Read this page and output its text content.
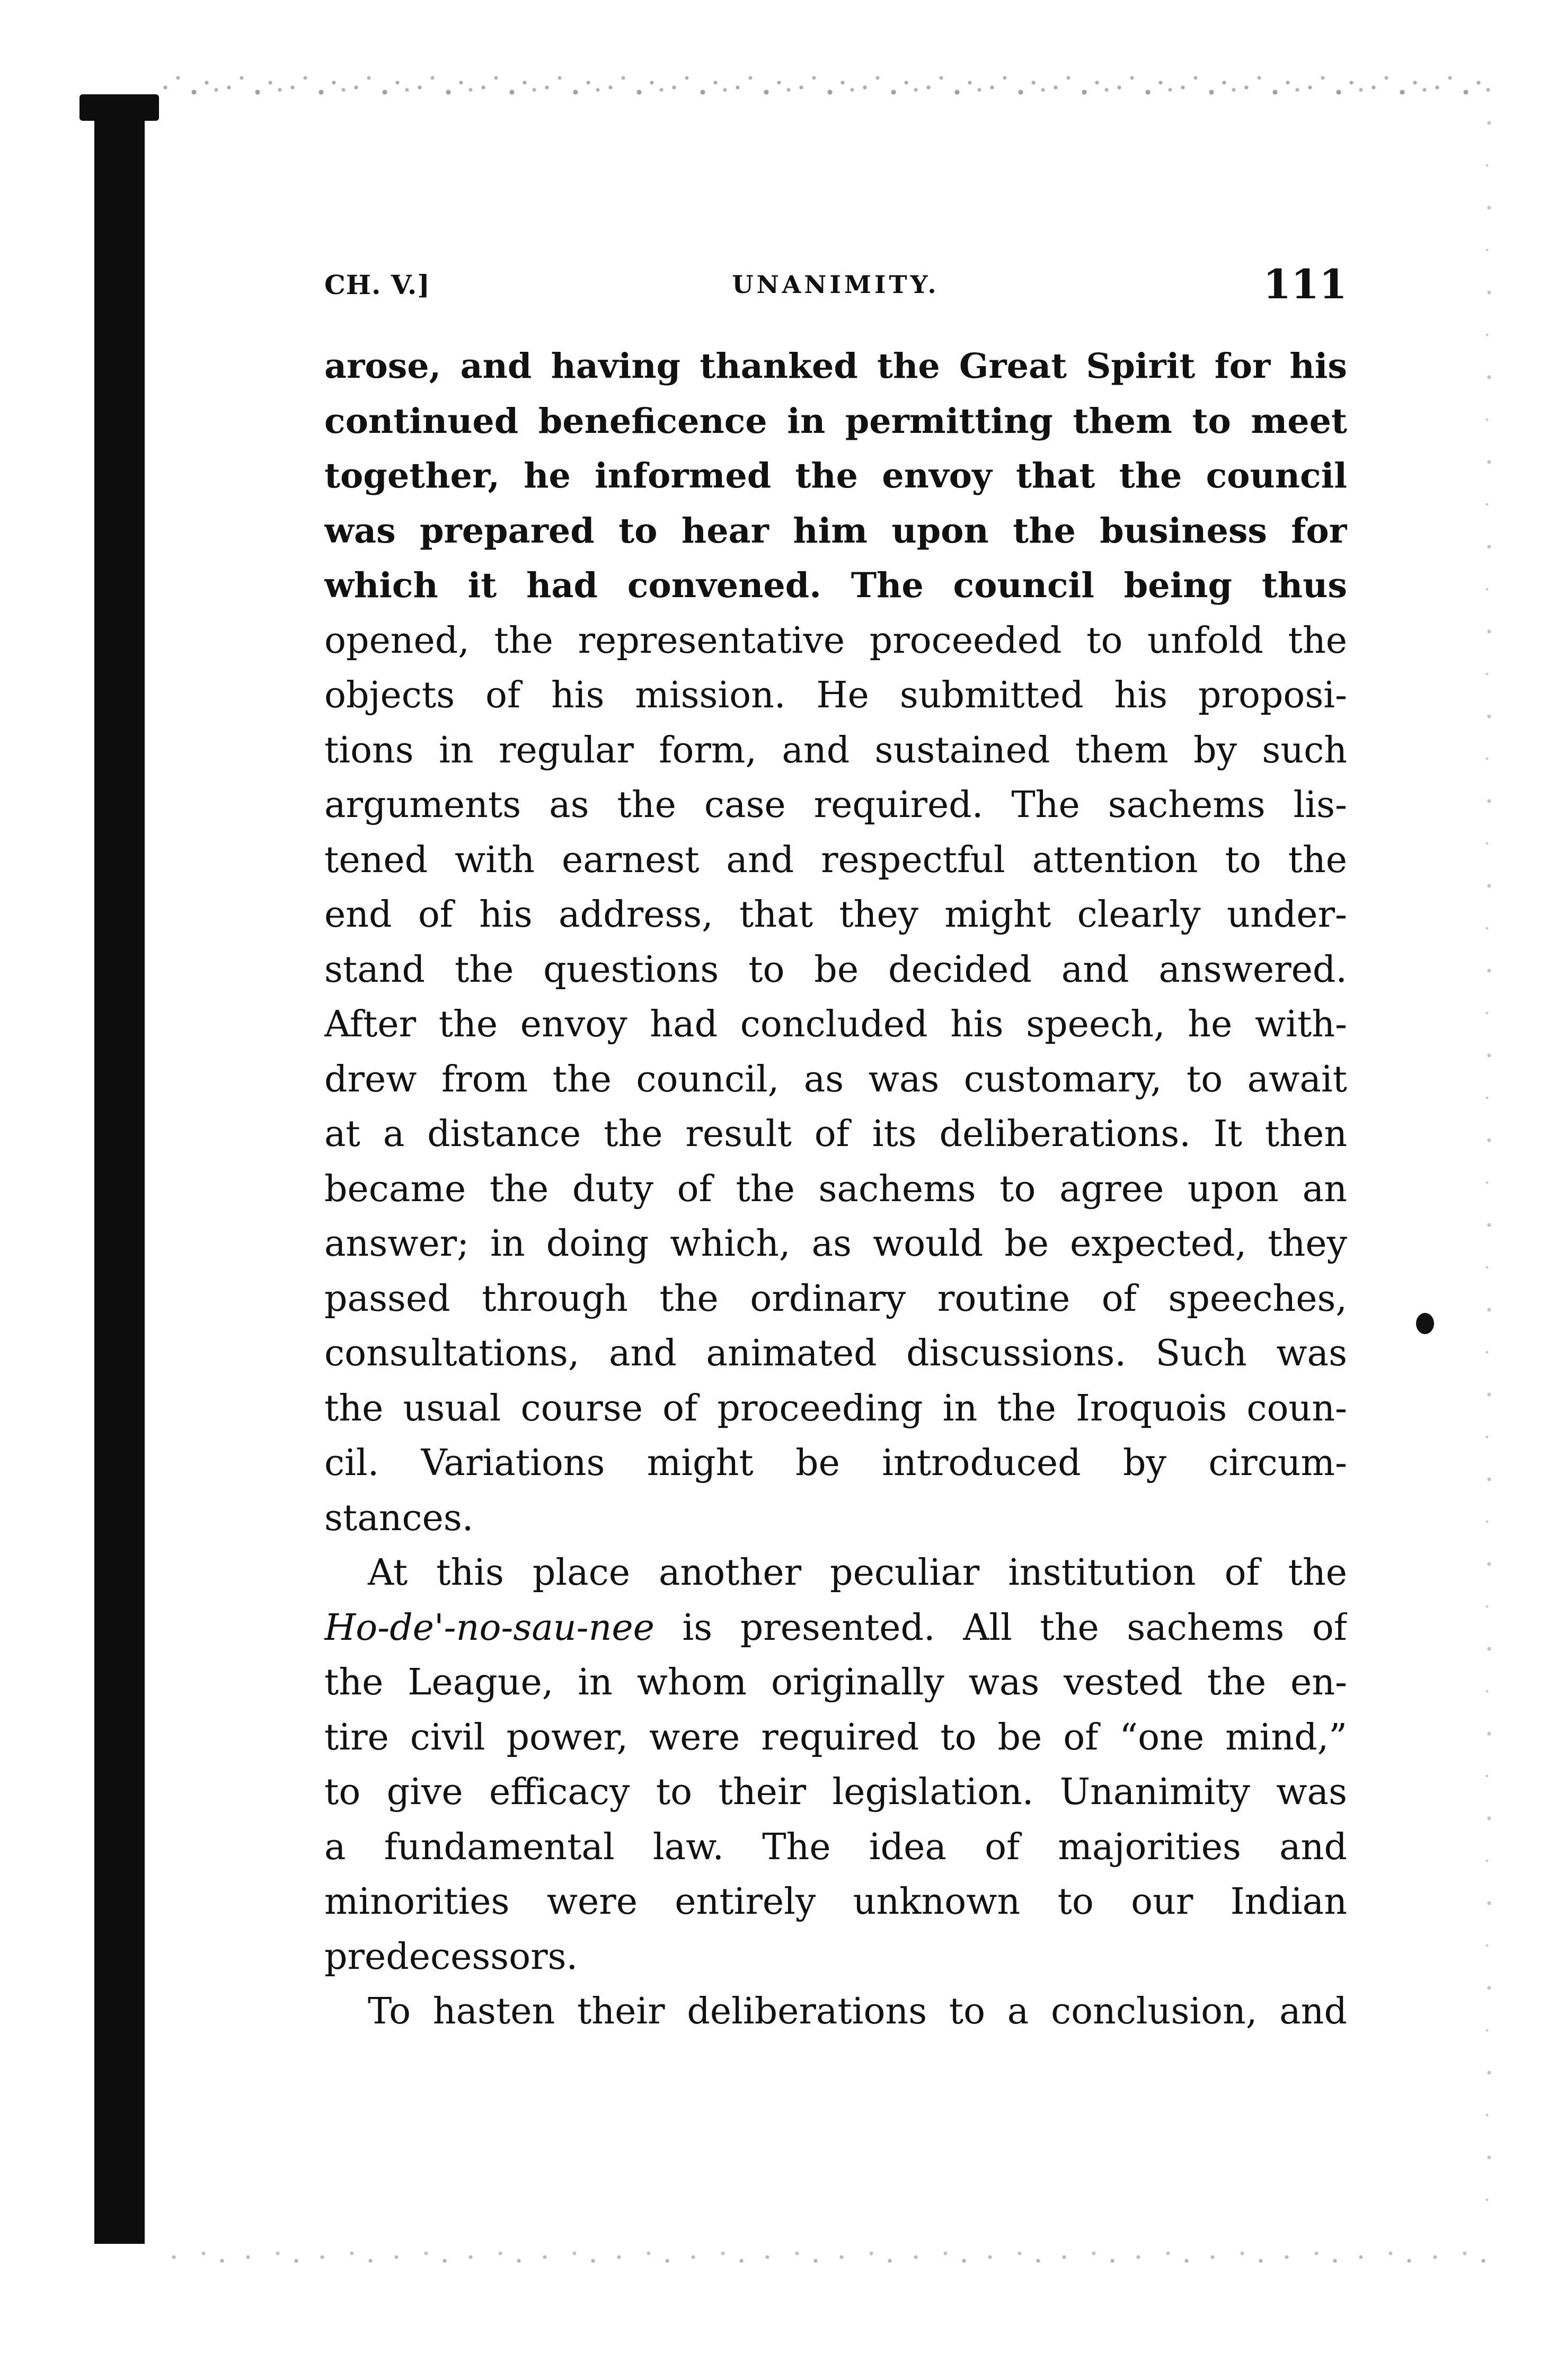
CH. V.]	UNANIMITY.	111
arose, and having thanked the Great Spirit for his
continued beneficence in permitting them to meet
together, he informed the envoy that the council
was prepared to hear him upon the business for
which it had convened. The council being thus
opened, the representative proceeded to unfold the
objects of his mission. He submitted his proposi-
tions in regular form, and sustained them by such
arguments as the case required. The sachems lis-
tened with earnest and respectful attention to the
end of his address, that they might clearly under-
stand the questions to be decided and answered.
After the envoy had concluded his speech, he with-
drew from the council, as was customary, to await
at a distance the result of its deliberations. It then
became the duty of the sachems to agree upon an
answer; in doing which, as would be expected, they
passed through the ordinary routine of speeches,
consultations, and animated discussions. Such was
the usual course of proceeding in the Iroquois coun-
cil. Variations might be introduced by circum-
stances.
At this place another peculiar institution of the
Ho-de'-no-sau-nee is presented. All the sachems of
the League, in whom originally was vested the en-
tire civil power, were required to be of “one mind,”
to give efficacy to their legislation. Unanimity was
a fundamental law. The idea of majorities and
minorities were entirely unknown to our Indian
predecessors.
To hasten their deliberations to a conclusion, and
